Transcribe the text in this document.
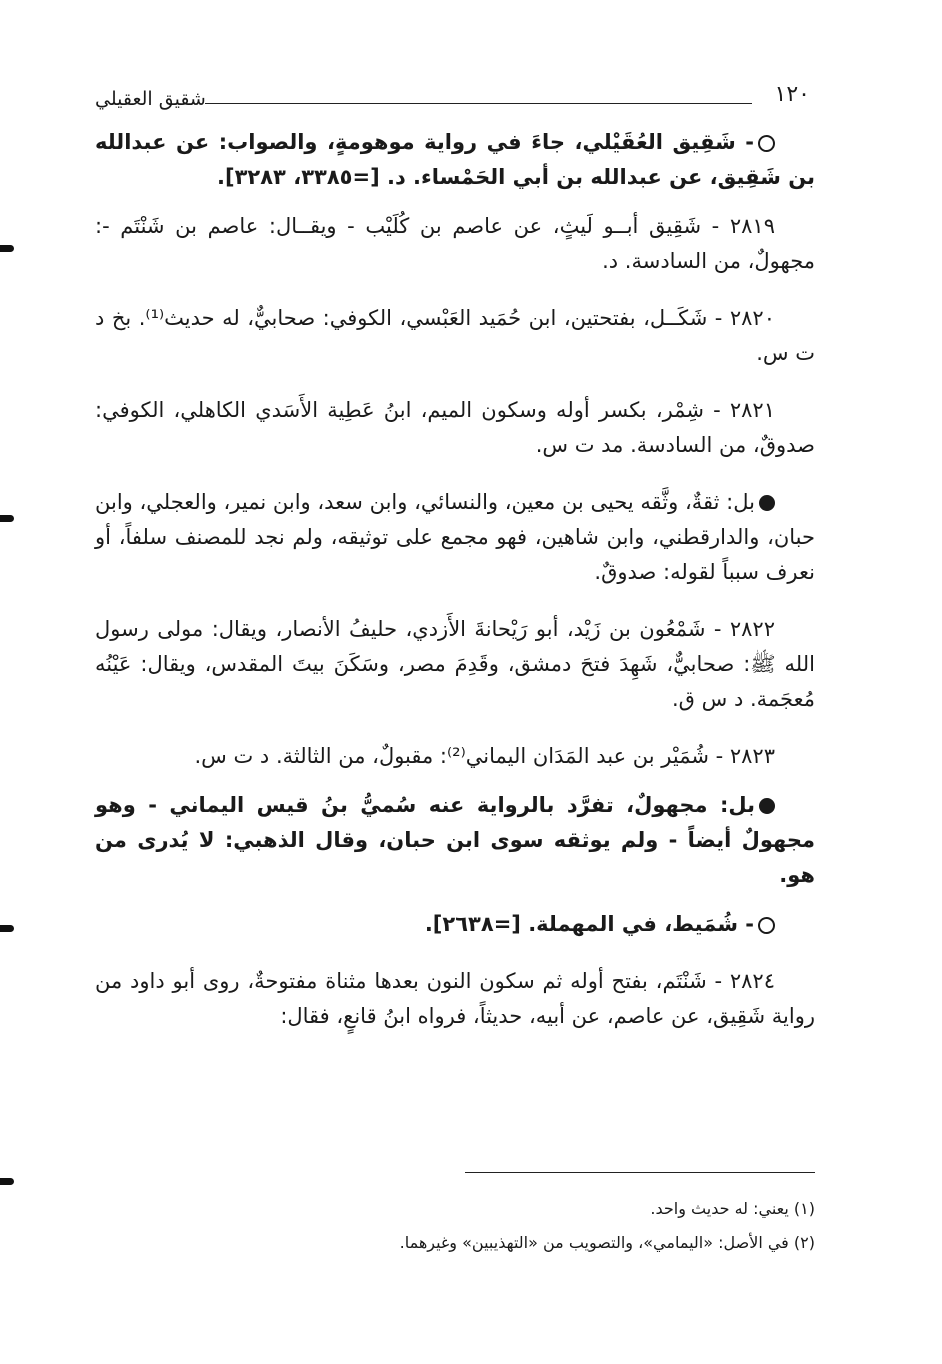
١٢٠
شقيق العقيلي

- شَقِيق العُقَيْلي، جاءَ في رواية موهومةٍ، والصواب: عن عبدالله بن شَقِيق، عن عبدالله بن أبي الحَمْساء. د. [=٣٣٨٥، ٣٢٨٣].

٢٨١٩ - شَقِيق أبــو لَيثٍ، عن عاصم بن كُلَيْب - ويقــال: عاصم بن شَنْتَم -: مجهولٌ، من السادسة. د.

٢٨٢٠ - شَكَــل، بفتحتين، ابن حُمَيد العَبْسي، الكوفي: صحابيٌّ، له حديث⁽¹⁾. بخ د ت س.

٢٨٢١ - شِمْر، بكسر أوله وسكون الميم، ابنُ عَطِية الأَسَدي الكاهلي، الكوفي: صدوقٌ، من السادسة. مد ت س.

بل: ثقةٌ، وثَّقه يحيى بن معين، والنسائي، وابن سعد، وابن نمير، والعجلي، وابن حبان، والدارقطني، وابن شاهين، فهو مجمع على توثيقه، ولم نجد للمصنف سلفاً، أو نعرف سبباً لقوله: صدوقٌ.

٢٨٢٢ - شَمْعُون بن زَيْد، أبو رَيْحانةَ الأَزدي، حليفُ الأنصار، ويقال: مولى رسول الله ﷺ: صحابيٌّ، شَهِدَ فتحَ دمشق، وقَدِمَ مصر، وسَكَنَ بيتَ المقدس، ويقال: عَيْنُه مُعجَمة. د س ق.

٢٨٢٣ - شُمَيْر بن عبد المَدَان اليماني⁽²⁾: مقبولٌ، من الثالثة. د ت س.

بل: مجهولٌ، تفرَّد بالرواية عنه سُميُّ بنُ قيس اليماني - وهو مجهولٌ أيضاً - ولم يوثقه سوى ابن حبان، وقال الذهبي: لا يُدرى من هو.

- شُمَيط، في المهملة. [=٢٦٣٨].

٢٨٢٤ - شَنْتَم، بفتح أوله ثم سكون النون بعدها مثناة مفتوحةٌ، روى أبو داود من رواية شَقِيق، عن عاصم، عن أبيه، حديثاً، فرواه ابنُ قانعٍ، فقال:

(١) يعني: له حديث واحد.
(٢) في الأصل: «اليمامي»، والتصويب من «التهذيبين» وغيرهما.
